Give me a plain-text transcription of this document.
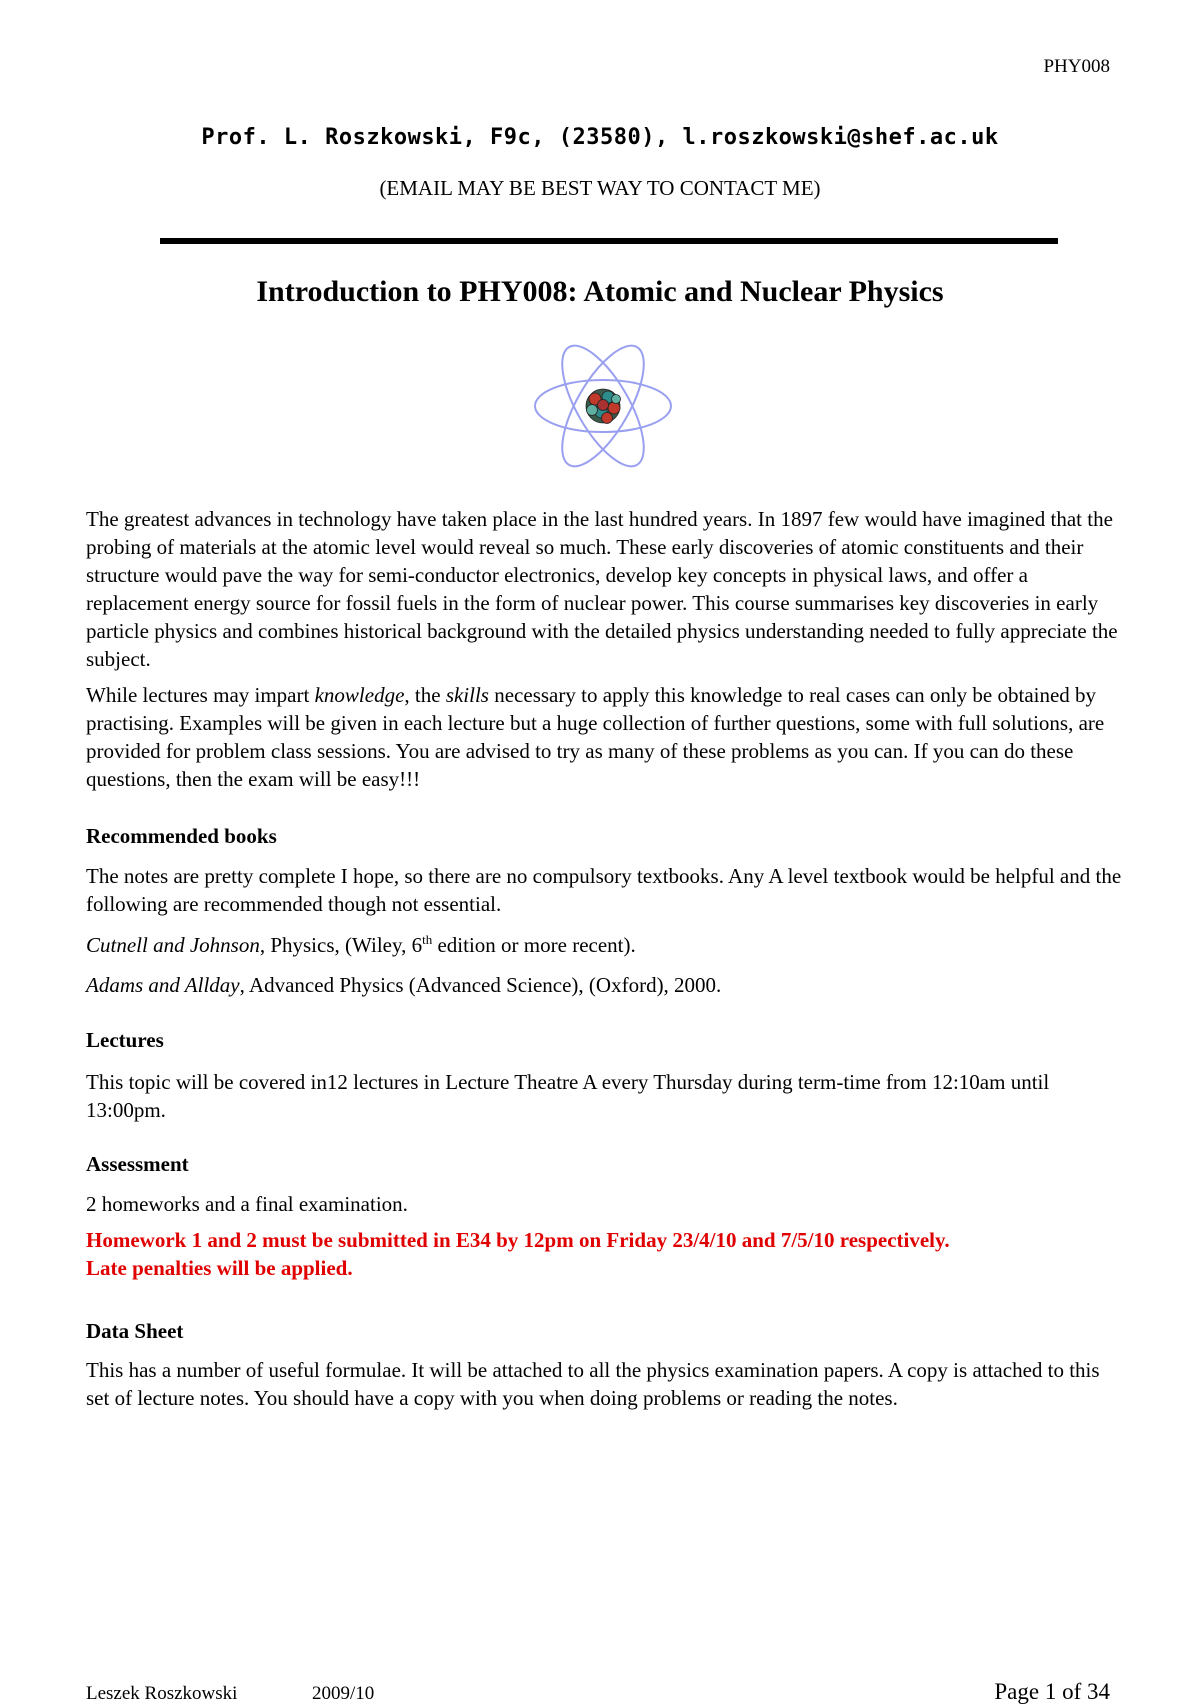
PHY008
Prof. L. Roszkowski, F9c, (23580), l.roszkowski@shef.ac.uk
(EMAIL MAY BE BEST WAY TO CONTACT ME)
Introduction to PHY008: Atomic and Nuclear Physics

The greatest advances in technology have taken place in the last hundred years. In 1897 few would have imagined that the probing of materials at the atomic level would reveal so much. These early discoveries of atomic constituents and their structure would pave the way for semi-conductor electronics, develop key concepts in physical laws, and offer a replacement energy source for fossil fuels in the form of nuclear power. This course summarises key discoveries in early particle physics and combines historical background with the detailed physics understanding needed to fully appreciate the subject.

While lectures may impart knowledge, the skills necessary to apply this knowledge to real cases can only be obtained by practising. Examples will be given in each lecture but a huge collection of further questions, some with full solutions, are provided for problem class sessions. You are advised to try as many of these problems as you can. If you can do these questions, then the exam will be easy!!!

Recommended books

The notes are pretty complete I hope, so there are no compulsory textbooks. Any A level textbook would be helpful and the following are recommended though not essential.

Cutnell and Johnson, Physics, (Wiley, 6th edition or more recent).

Adams and Allday, Advanced Physics (Advanced Science), (Oxford), 2000.

Lectures

This topic will be covered in12 lectures in Lecture Theatre A every Thursday during term-time from 12:10am until 13:00pm.

Assessment

2 homeworks and a final examination.

Homework 1 and 2 must be submitted in E34 by 12pm on Friday 23/4/10 and 7/5/10 respectively.
Late penalties will be applied.

Data Sheet

This has a number of useful formulae. It will be attached to all the physics examination papers. A copy is attached to this set of lecture notes. You should have a copy with you when doing problems or reading the notes.

Leszek Roszkowski	2009/10	Page 1 of 34
